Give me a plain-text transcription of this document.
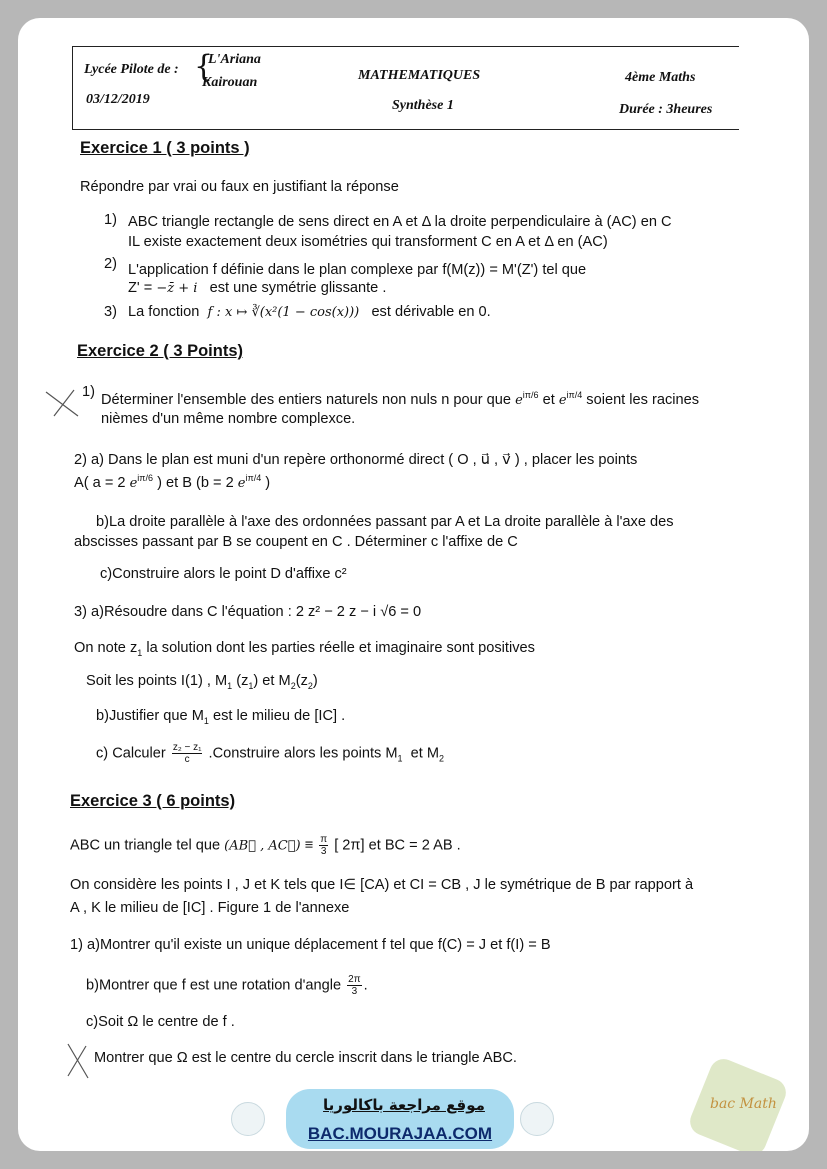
Lycée Pilote de : {
L'Ariana
Kairouan
03/12/2019
MATHEMATIQUES
Synthèse 1
4ème Maths
Durée : 3heures
Exercice 1 ( 3 points )
Répondre par vrai ou faux en justifiant la réponse
1) ABC triangle rectangle de sens direct en A et Δ la droite perpendiculaire à (AC) en C
IL existe exactement deux isométries qui transforment C en A et Δ en (AC)
2) L'application f définie dans le plan complexe par f(M(z)) = M'(Z') tel que
Z' = −z̄ + i est une symétrie glissante .
3) La fonction f : x ↦ ∛(x²(1 − cos(x))) est dérivable en 0.
Exercice 2 ( 3 Points)
1) Déterminer l'ensemble des entiers naturels non nuls n pour que $e^{i\pi/6}$ et $e^{i\pi/4}$ soient les racines
nièmes d'un même nombre complexce.
2) a) Dans le plan est muni d'un repère orthonormé direct ( O , u⃗ , v⃗ ) , placer les points
A( a = 2 $e^{i\pi/6}$ ) et B (b = 2 $e^{i\pi/4}$ )
b)La droite parallèle à l'axe des ordonnées passant par A et La droite parallèle à l'axe des
abscisses passant par B se coupent en C . Déterminer c l'affixe de C
c)Construire alors le point D d'affixe c²
3) a)Résoudre dans C l'équation : 2 z² − 2 z − i √6 = 0
On note $z_1$ la solution dont les parties réelle et imaginaire sont positives
Soit les points I(1) , $M_1$ $(z_1)$ et $M_2(z_2)$
b)Justifier que $M_1$ est le milieu de [IC] .
c) Calculer $\frac{\text{z₂ − z₁}}{c}$ .Construire alors les points $M_1$ et $M_2$
Exercice 3 ( 6 points)
ABC un triangle tel que (AB⃗ , AC⃗) ≡ $\frac{\pi}{3}$ [ 2π] et BC = 2 AB .
On considère les points I , J et K tels que I∈ [CA) et CI = CB , J le symétrique de B par rapport à
A , K le milieu de [IC] . Figure 1 de l'annexe
1) a)Montrer qu'il existe un unique déplacement f tel que f(C) = J et f(I) = B
b)Montrer que f est une rotation d'angle $\frac{2\pi}{3}$ .
c)Soit Ω le centre de f .
Montrer que Ω est le centre du cercle inscrit dans le triangle ABC.
موقع مراجعة باكالوريا
BAC.MOURAJAA.COM
bac Math
